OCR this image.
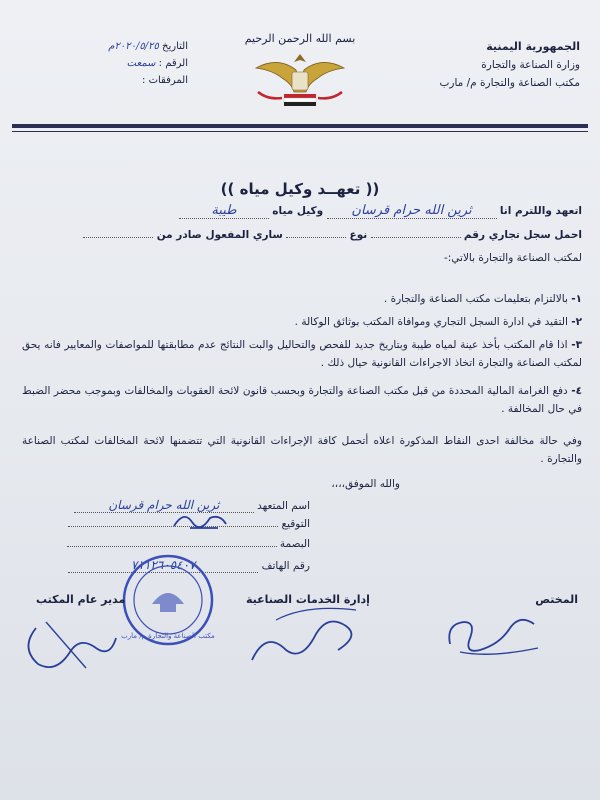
الجمهورية اليمنية
وزارة الصناعة والتجارة
مكتب الصناعة والتجارة م/ مارب
بسم الله الرحمن الرحيم
التاريخ ٢٠٢٠/٥/٢٥م
الرقم : سمعت
المرفقات :
(( تعهــد وكيل مياه ))
اتعهد واللترم انا ثرين الله حرام قرسان وكيل مياه طيبة
احمل سجل تجاري رقم  نوع  ساري المفعول صادر من
لمكتب الصناعة والتجارة بالاتي:-
١- بالالتزام بتعليمات مكتب الصناعة والتجارة .
٢- التقيد في ادارة السجل التجاري وموافاة المكتب بوثائق الوكالة .
٣- اذا قام المكتب بأخذ عينة لمياه طيبة وبتاريخ جديد للفحص والتحاليل والبت النتائج عدم مطابقتها للمواصفات والمعايير فانه يحق لمكتب الصناعة والتجارة اتخاذ الاجراءات القانونية حيال ذلك .
٤- دفع الغرامة المالية المحددة من قبل مكتب الصناعة والتجارة وبحسب قانون لائحة العقوبات والمخالفات وبموجب محضر الضبط في حال المخالفة .
وفي حالة مخالفة احدى النقاط المذكورة اعلاه أتحمل كافة الإجراءات القانونية التي تتضمنها لائحة المخالفات لمكتب الصناعة والتجارة .
والله الموفق،،،،
اسم المتعهد ثرين الله حرام قرسان
التوقيع
البصمة
رقم الهاتف ٧١١٢٦٠٥٤٠٧
مكتب الصناعة والتجارة م/ مارب
المختص
إدارة الخدمات الصناعية
مدير عام المكتب
